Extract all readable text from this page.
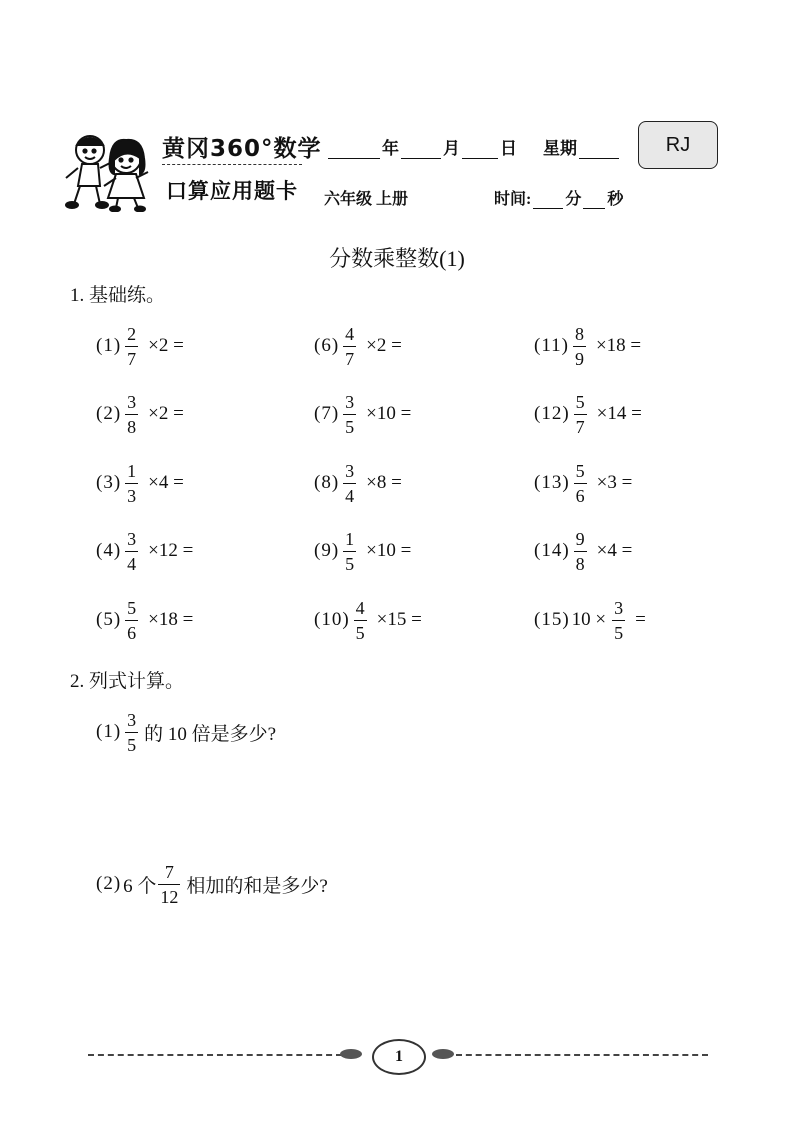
黄冈360°数学
口算应用题卡
年	月 日 星期	RJ
六年级 上册	时间: 分 秒
分数乘整数(1)
1. 基础练。
$(1) \frac{2}{7} \times 2$ =
$(2) \frac{3}{8} \times 2$ =
$(3) \frac{1}{3} \times 4$ =
$(4) \frac{3}{4} \times 12$ =
$(5) \frac{5}{6} \times 18$ =
$(6) \frac{4}{7} \times 2$ =
$(7) \frac{3}{5} \times 10$ =
$(8) \frac{3}{4} \times 8$ =
$(9) \frac{1}{5} \times 10$ =
$(10) \frac{4}{5} \times 15$ =
$(11) \frac{8}{9} \times 18$ =
$(12) \frac{5}{7} \times 14$ =
$(13) \frac{5}{6} \times 3$ =
$(14) \frac{9}{8} \times 4$ =
(15) $10 \times \frac{3}{5}$ =
2. 列式计算。
$(1) \frac{3}{5}$ 的 10 倍是多少?
(2) 6 个 $\frac{7}{12}$ 相加的和是多少?
1
